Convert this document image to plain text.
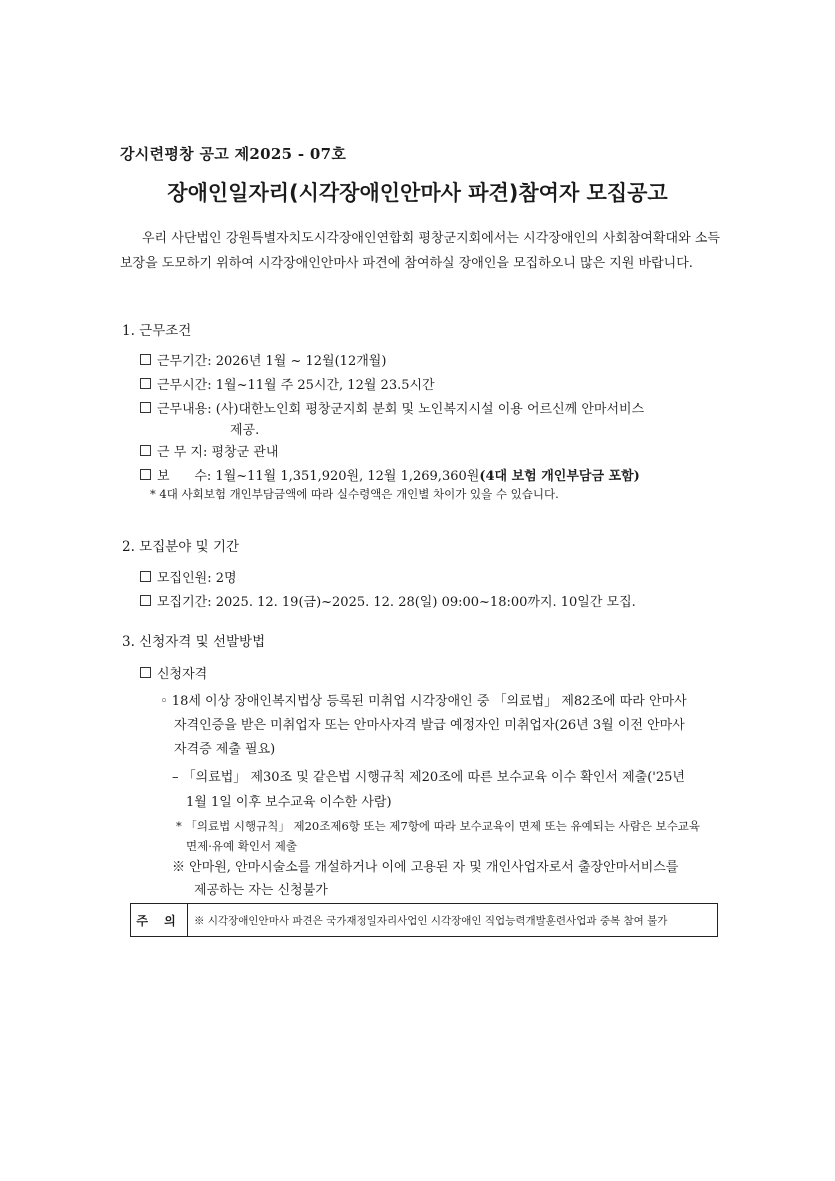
강시련평창 공고 제2025 - 07호
장애인일자리(시각장애인안마사 파견)참여자 모집공고
우리 사단법인 강원특별자치도시각장애인연합회 평창군지회에서는 시각장애인의 사회참여확대와 소득보장을 도모하기 위하여 시각장애인안마사 파견에 참여하실 장애인을 모집하오니 많은 지원 바랍니다.
1. 근무조건
근무기간: 2026년 1월 ~ 12월(12개월)
근무시간: 1월~11월 주 25시간, 12월 23.5시간
근무내용: (사)대한노인회 평창군지회 분회 및 노인복지시설 이용 어르신께 안마서비스
제공.
근 무 지: 평창군 관내
보      수: 1월~11월 1,351,920원, 12월 1,269,360원(4대 보험 개인부담금 포함)
* 4대 사회보험 개인부담금액에 따라 실수령액은 개인별 차이가 있을 수 있습니다.
2. 모집분야 및 기간
모집인원: 2명
모집기간: 2025. 12. 19(금)~2025. 12. 28(일) 09:00~18:00까지. 10일간 모집.
3. 신청자격 및 선발방법
신청자격
◦ 18세 이상 장애인복지법상 등록된 미취업 시각장애인 중 「의료법」 제82조에 따라 안마사
자격인증을 받은 미취업자 또는 안마사자격 발급 예정자인 미취업자(26년 3월 이전 안마사
자격증 제출 필요)
– 「의료법」 제30조 및 같은법 시행규칙 제20조에 따른 보수교육 이수 확인서 제출('25년
1월 1일 이후 보수교육 이수한 사람)
* 「의료법 시행규칙」 제20조제6항 또는 제7항에 따라 보수교육이 면제 또는 유예되는 사람은 보수교육
면제·유예 확인서 제출
※ 안마원, 안마시술소를 개설하거나 이에 고용된 자 및 개인사업자로서 출장안마서비스를
제공하는 자는 신청불가
주 의	※ 시각장애인안마사 파견은 국가재정일자리사업인 시각장애인 직업능력개발훈련사업과 중복 참여 불가
